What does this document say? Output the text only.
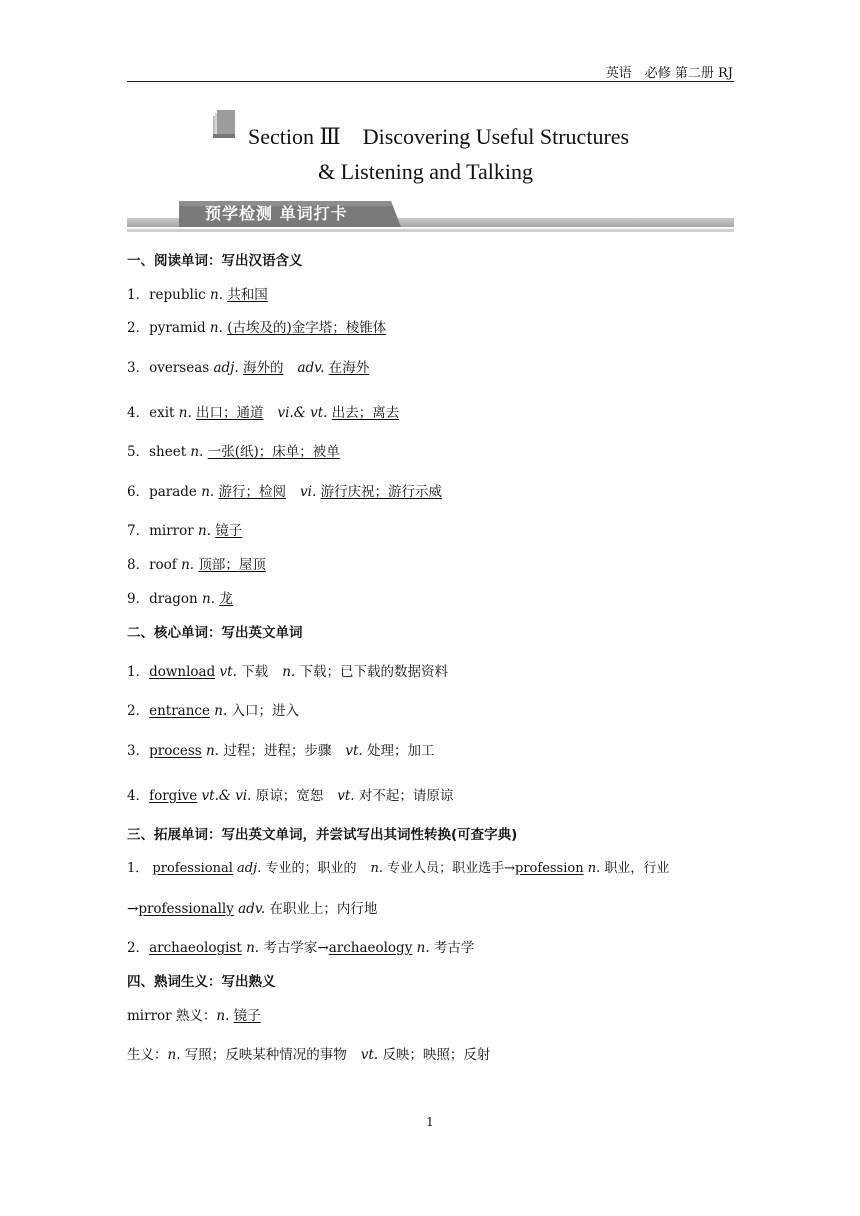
英语　必修 第二册 RJ
Section Ⅲ　Discovering Useful Structures
& Listening and Talking
预学检测 单词打卡
一、阅读单词：写出汉语含义
1．republic n. 共和国
2．pyramid n. (古埃及的)金字塔；棱锥体
3．overseas adj. 海外的 adv. 在海外
4．exit n. 出口；通道 vi.& vt. 出去；离去
5．sheet n. 一张(纸)；床单；被单
6．parade n. 游行；检阅 vi. 游行庆祝；游行示威
7．mirror n. 镜子
8．roof n. 顶部；屋顶
9．dragon n. 龙
二、核心单词：写出英文单词
1．download vt. 下载 n. 下载；已下载的数据资料
2．entrance n. 入口；进入
3．process n. 过程；进程；步骤 vt. 处理；加工
4．forgive vt.& vi. 原谅；宽恕 vt. 对不起；请原谅
三、拓展单词：写出英文单词，并尝试写出其词性转换(可查字典)
1． professional adj. 专业的；职业的 n. 专业人员；职业选手→profession n. 职业，行业
→professionally adv. 在职业上；内行地
2．archaeologist n. 考古学家→archaeology n. 考古学
四、熟词生义：写出熟义
mirror 熟义：n. 镜子
生义：n. 写照；反映某种情况的事物 vt. 反映；映照；反射
1
